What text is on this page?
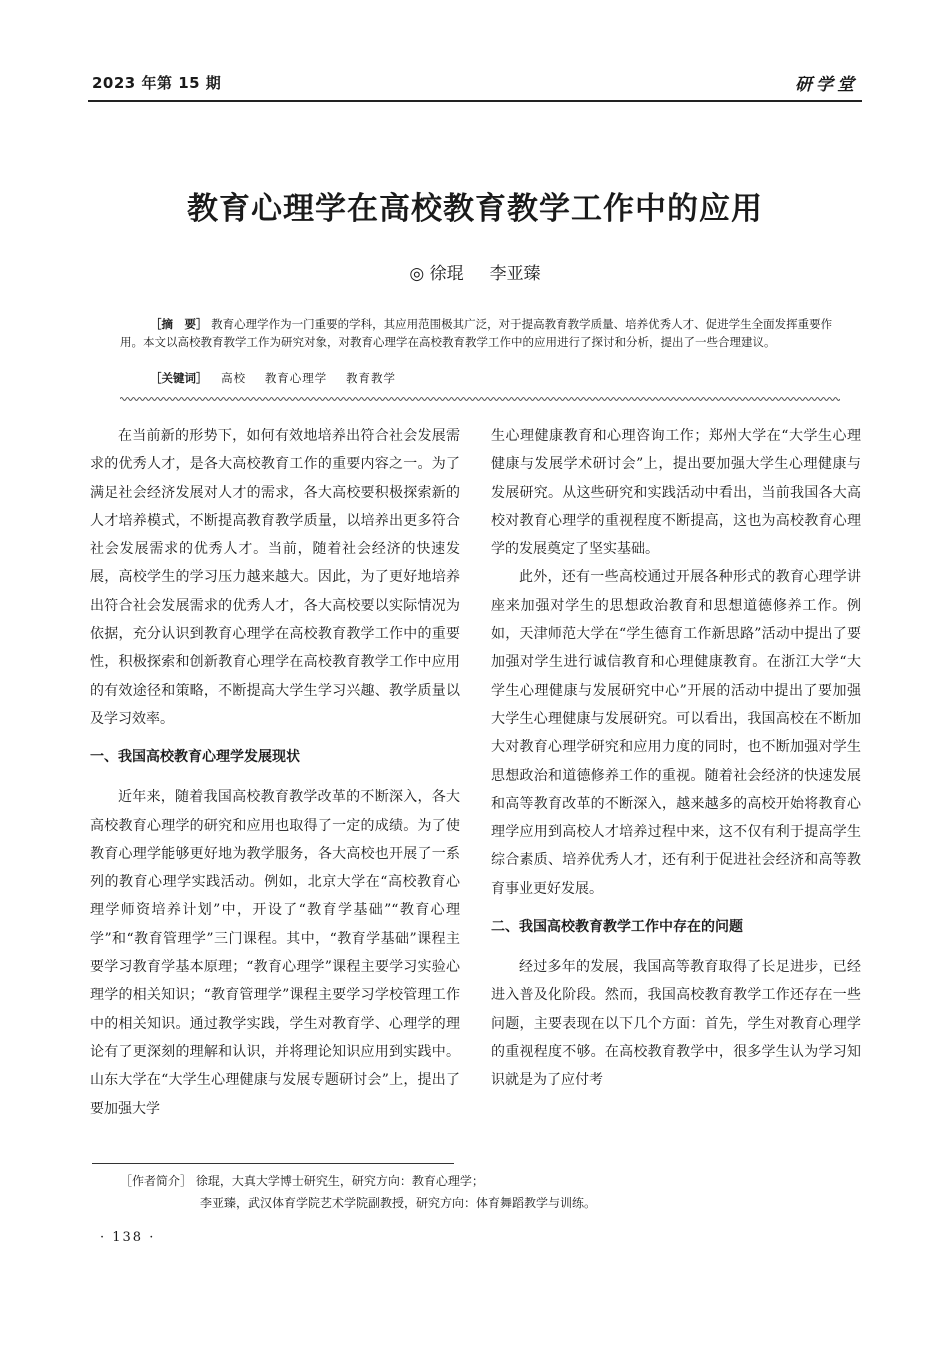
2023 年第 15 期	研学堂
教育心理学在高校教育教学工作中的应用
◎ 徐琨 李亚臻
［摘　要］ 教育心理学作为一门重要的学科，其应用范围极其广泛，对于提高教育教学质量、培养优秀人才、促进学生全面发挥重要作用。本文以高校教育教学工作为研究对象，对教育心理学在高校教育教学工作中的应用进行了探讨和分析，提出了一些合理建议。
［关键词］ 高校 教育心理学 教育教学

在当前新的形势下，如何有效地培养出符合社会发展需求的优秀人才，是各大高校教育工作的重要内容之一。为了满足社会经济发展对人才的需求，各大高校要积极探索新的人才培养模式，不断提高教育教学质量，以培养出更多符合社会发展需求的优秀人才。当前，随着社会经济的快速发展，高校学生的学习压力越来越大。因此，为了更好地培养出符合社会发展需求的优秀人才，各大高校要以实际情况为依据，充分认识到教育心理学在高校教育教学工作中的重要性，积极探索和创新教育心理学在高校教育教学工作中应用的有效途径和策略，不断提高大学生学习兴趣、教学质量以及学习效率。

一、我国高校教育心理学发展现状

近年来，随着我国高校教育教学改革的不断深入，各大高校教育心理学的研究和应用也取得了一定的成绩。为了使教育心理学能够更好地为教学服务，各大高校也开展了一系列的教育心理学实践活动。例如，北京大学在“高校教育心理学师资培养计划”中，开设了“教育学基础”“教育心理学”和“教育管理学”三门课程。其中，“教育学基础”课程主要学习教育学基本原理；“教育心理学”课程主要学习实验心理学的相关知识；“教育管理学”课程主要学习学校管理工作中的相关知识。通过教学实践，学生对教育学、心理学的理论有了更深刻的理解和认识，并将理论知识应用到实践中。山东大学在“大学生心理健康与发展专题研讨会”上，提出了要加强大学

生心理健康教育和心理咨询工作；郑州大学在“大学生心理健康与发展学术研讨会”上，提出要加强大学生心理健康与发展研究。从这些研究和实践活动中看出，当前我国各大高校对教育心理学的重视程度不断提高，这也为高校教育心理学的发展奠定了坚实基础。

此外，还有一些高校通过开展各种形式的教育心理学讲座来加强对学生的思想政治教育和思想道德修养工作。例如，天津师范大学在“学生德育工作新思路”活动中提出了要加强对学生进行诚信教育和心理健康教育。在浙江大学“大学生心理健康与发展研究中心”开展的活动中提出了要加强大学生心理健康与发展研究。可以看出，我国高校在不断加大对教育心理学研究和应用力度的同时，也不断加强对学生思想政治和道德修养工作的重视。随着社会经济的快速发展和高等教育改革的不断深入，越来越多的高校开始将教育心理学应用到高校人才培养过程中来，这不仅有利于提高学生综合素质、培养优秀人才，还有利于促进社会经济和高等教育事业更好发展。

二、我国高校教育教学工作中存在的问题

经过多年的发展，我国高等教育取得了长足进步，已经进入普及化阶段。然而，我国高校教育教学工作还存在一些问题，主要表现在以下几个方面：首先，学生对教育心理学的重视程度不够。在高校教育教学中，很多学生认为学习知识就是为了应付考

［作者简介］ 徐琨，大真大学博士研究生，研究方向：教育心理学；
李亚臻，武汉体育学院艺术学院副教授，研究方向：体育舞蹈教学与训练。
· 138 ·
